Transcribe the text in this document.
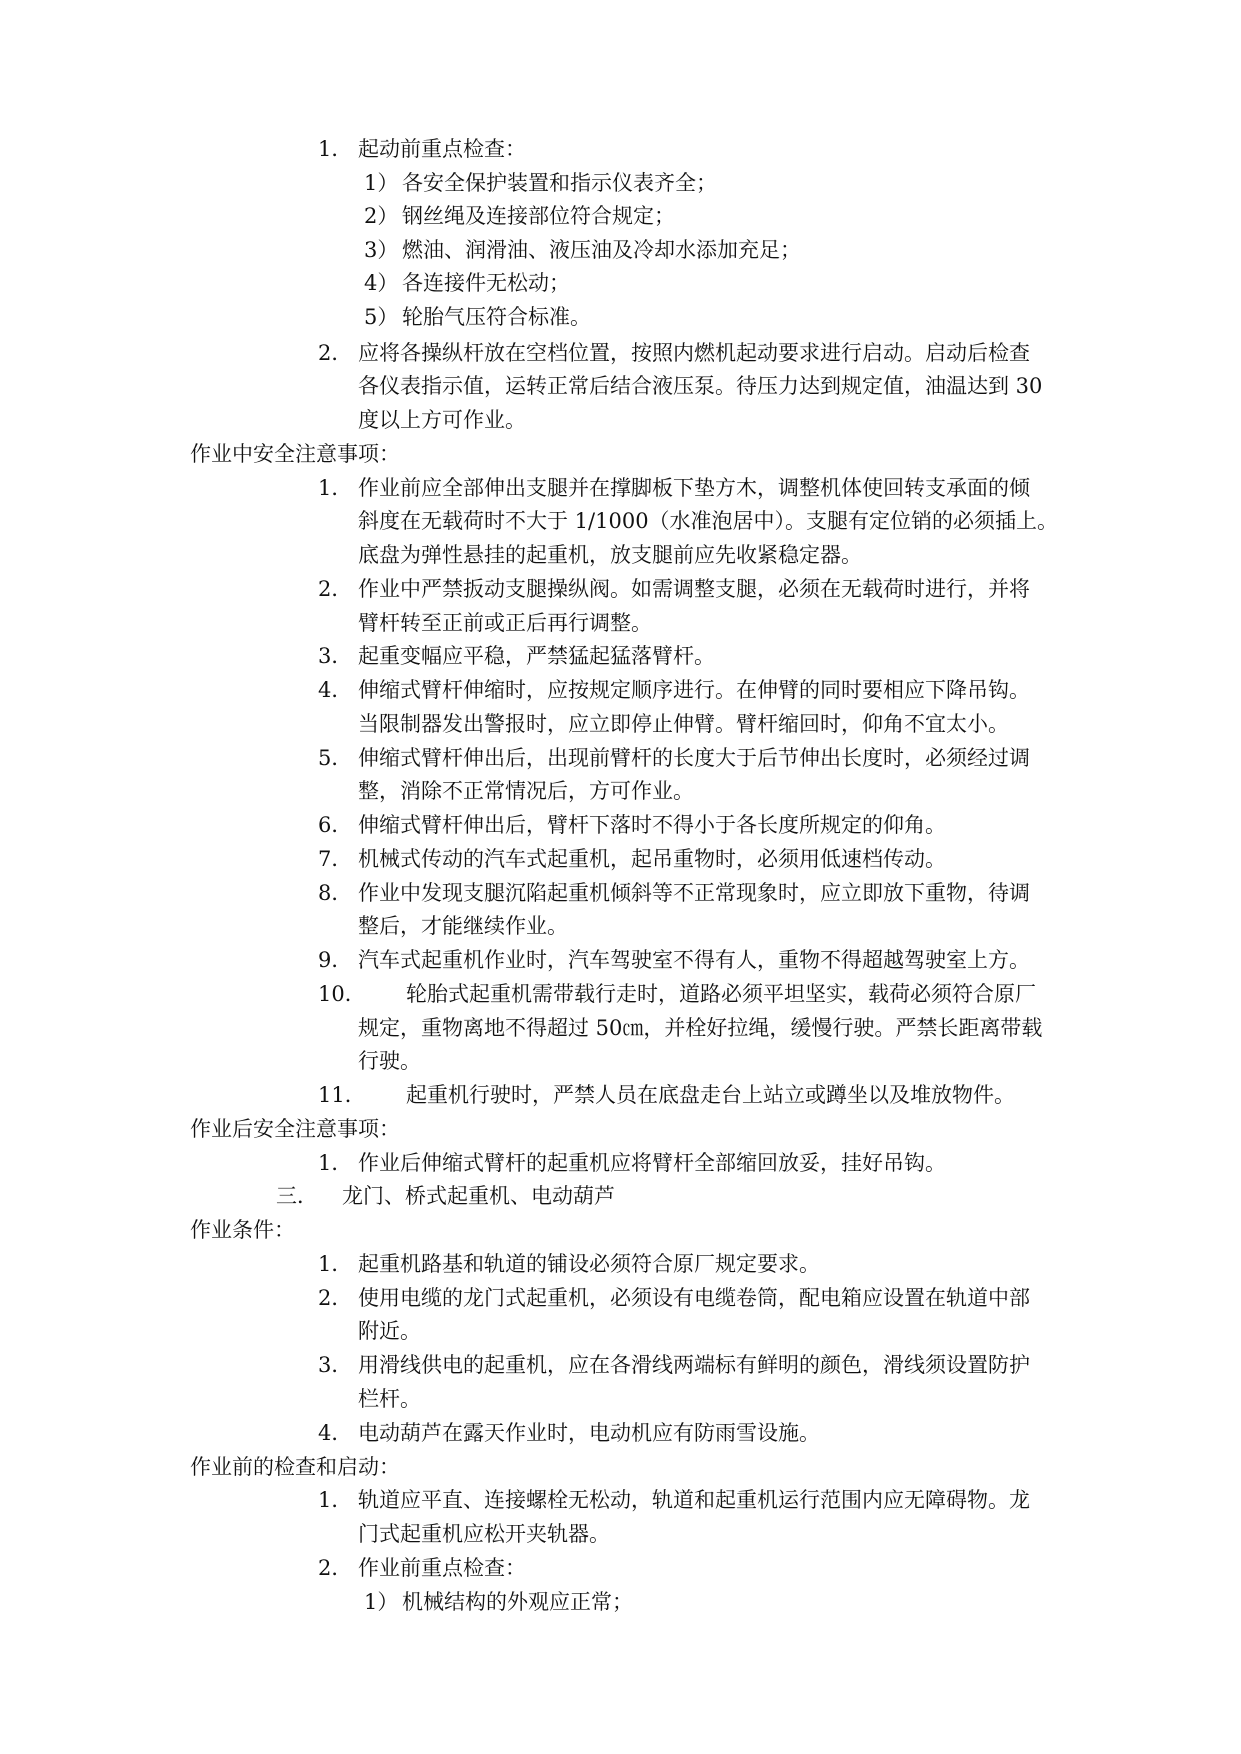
1． 起动前重点检查：
1） 各安全保护装置和指示仪表齐全；
2） 钢丝绳及连接部位符合规定；
3） 燃油、润滑油、液压油及冷却水添加充足；
4） 各连接件无松动；
5） 轮胎气压符合标准。
2． 应将各操纵杆放在空档位置，按照内燃机起动要求进行启动。启动后检查
各仪表指示值，运转正常后结合液压泵。待压力达到规定值，油温达到 30
度以上方可作业。
作业中安全注意事项：
1． 作业前应全部伸出支腿并在撑脚板下垫方木，调整机体使回转支承面的倾
斜度在无载荷时不大于 1/1000（水准泡居中）。支腿有定位销的必须插上。
底盘为弹性悬挂的起重机，放支腿前应先收紧稳定器。
2． 作业中严禁扳动支腿操纵阀。如需调整支腿，必须在无载荷时进行，并将
臂杆转至正前或正后再行调整。
3． 起重变幅应平稳，严禁猛起猛落臂杆。
4． 伸缩式臂杆伸缩时，应按规定顺序进行。在伸臂的同时要相应下降吊钩。
当限制器发出警报时，应立即停止伸臂。臂杆缩回时，仰角不宜太小。
5． 伸缩式臂杆伸出后，出现前臂杆的长度大于后节伸出长度时，必须经过调
整，消除不正常情况后，方可作业。
6． 伸缩式臂杆伸出后，臂杆下落时不得小于各长度所规定的仰角。
7． 机械式传动的汽车式起重机，起吊重物时，必须用低速档传动。
8． 作业中发现支腿沉陷起重机倾斜等不正常现象时，应立即放下重物，待调
整后，才能继续作业。
9． 汽车式起重机作业时，汽车驾驶室不得有人，重物不得超越驾驶室上方。
10． 轮胎式起重机需带载行走时，道路必须平坦坚实，载荷必须符合原厂
规定，重物离地不得超过 50㎝，并栓好拉绳，缓慢行驶。严禁长距离带载
行驶。
11． 起重机行驶时，严禁人员在底盘走台上站立或蹲坐以及堆放物件。
作业后安全注意事项：
1． 作业后伸缩式臂杆的起重机应将臂杆全部缩回放妥，挂好吊钩。
三． 龙门、桥式起重机、电动葫芦
作业条件：
1． 起重机路基和轨道的铺设必须符合原厂规定要求。
2． 使用电缆的龙门式起重机，必须设有电缆卷筒，配电箱应设置在轨道中部
附近。
3． 用滑线供电的起重机，应在各滑线两端标有鲜明的颜色，滑线须设置防护
栏杆。
4． 电动葫芦在露天作业时，电动机应有防雨雪设施。
作业前的检查和启动：
1． 轨道应平直、连接螺栓无松动，轨道和起重机运行范围内应无障碍物。龙
门式起重机应松开夹轨器。
2． 作业前重点检查：
1） 机械结构的外观应正常；
